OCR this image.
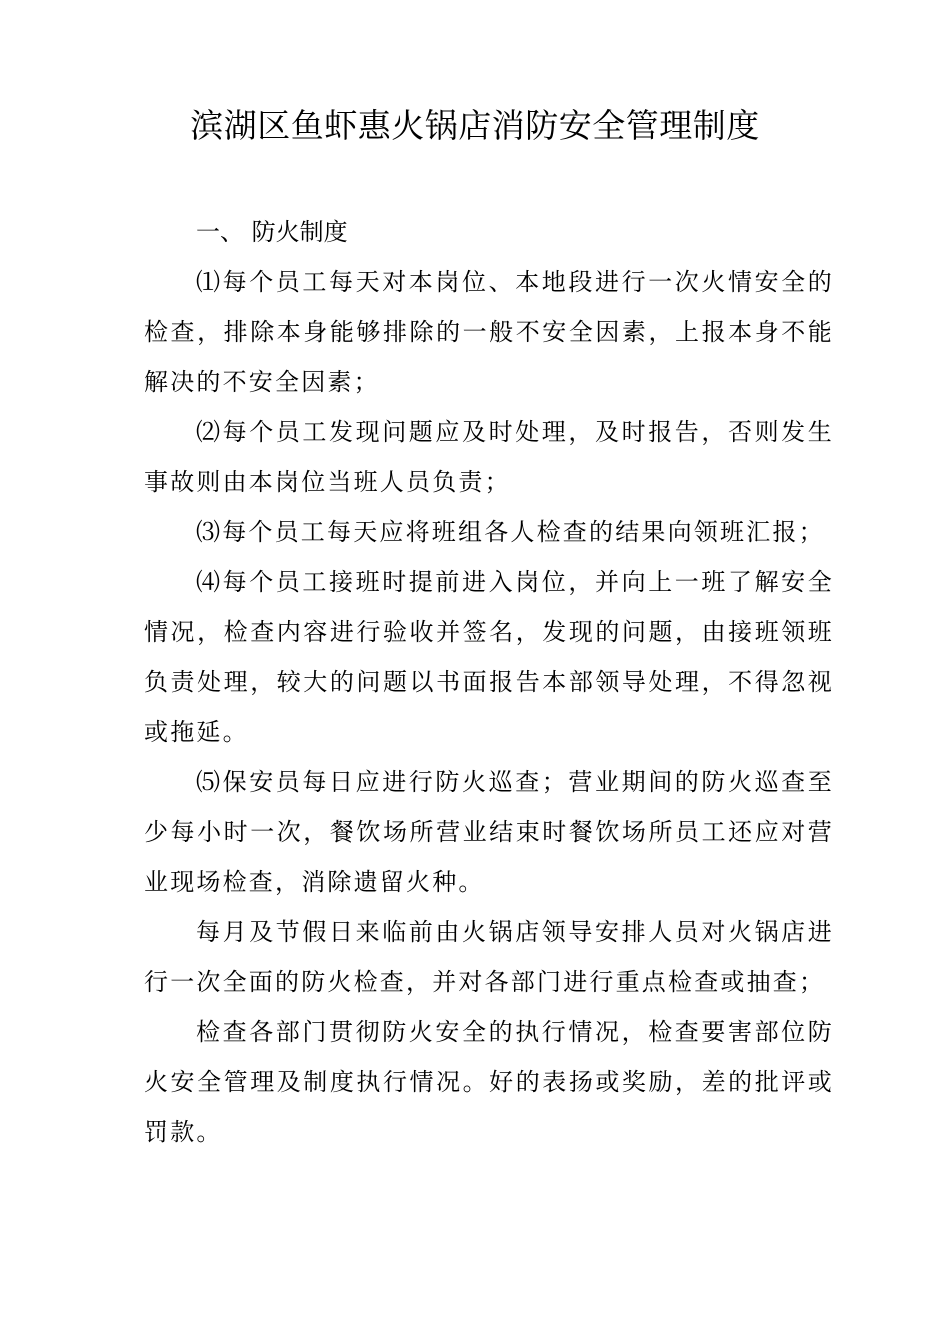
滨湖区鱼虾惠火锅店消防安全管理制度

一、 防火制度

⑴每个员工每天对本岗位、本地段进行一次火情安全的检查，排除本身能够排除的一般不安全因素，上报本身不能解决的不安全因素；

⑵每个员工发现问题应及时处理，及时报告，否则发生事故则由本岗位当班人员负责；

⑶每个员工每天应将班组各人检查的结果向领班汇报；

⑷每个员工接班时提前进入岗位，并向上一班了解安全情况，检查内容进行验收并签名，发现的问题，由接班领班负责处理，较大的问题以书面报告本部领导处理，不得忽视或拖延。

⑸保安员每日应进行防火巡查；营业期间的防火巡查至少每小时一次，餐饮场所营业结束时餐饮场所员工还应对营业现场检查，消除遗留火种。

每月及节假日来临前由火锅店领导安排人员对火锅店进行一次全面的防火检查，并对各部门进行重点检查或抽查；

检查各部门贯彻防火安全的执行情况，检查要害部位防火安全管理及制度执行情况。好的表扬或奖励，差的批评或罚款。
